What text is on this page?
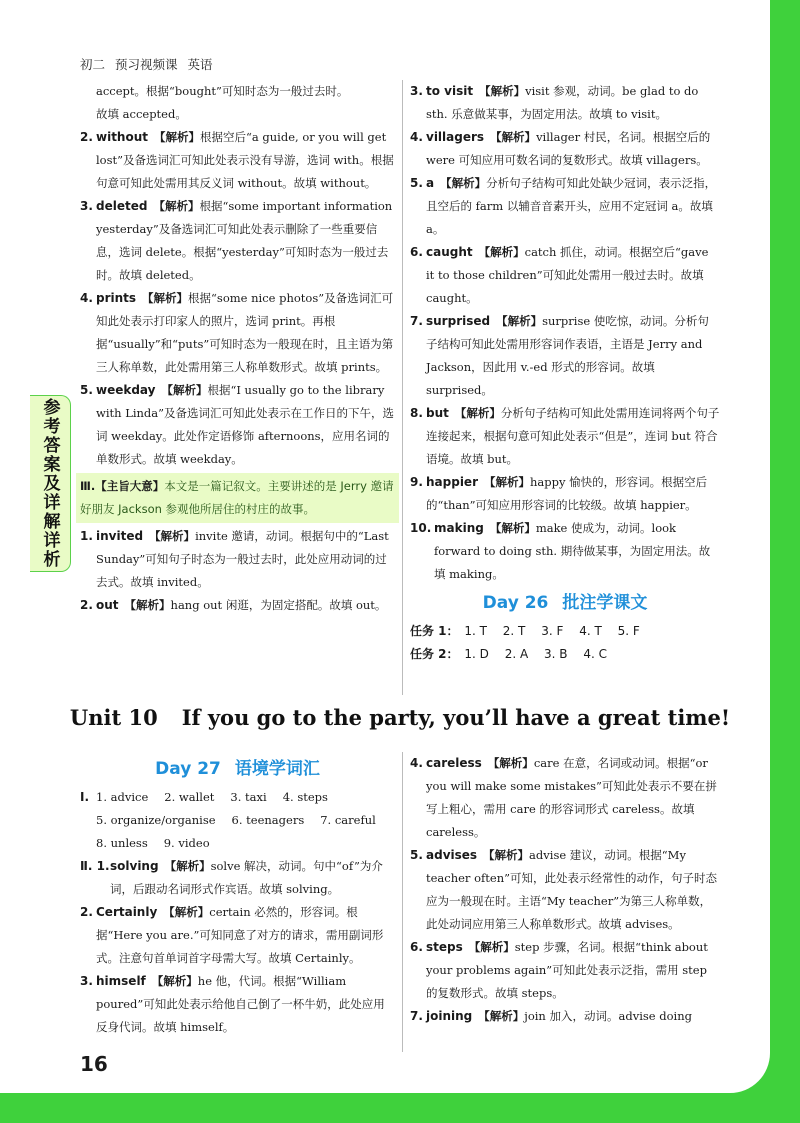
初二 预习视频课 英语
参考答案及详解详析
accept。根据“bought”可知时态为一般过去时。
故填 accepted。
2. without 【解析】根据空后“a guide, or you will get lost”及备选词汇可知此处表示没有导游，选词 with。根据句意可知此处需用其反义词 without。故填 without。
3. deleted 【解析】根据“some important information yesterday”及备选词汇可知此处表示删除了一些重要信息，选词 delete。根据“yesterday”可知时态为一般过去时。故填 deleted。
4. prints 【解析】根据“some nice photos”及备选词汇可知此处表示打印家人的照片，选词 print。再根据“usually”和“puts”可知时态为一般现在时，且主语为第三人称单数，此处需用第三人称单数形式。故填 prints。
5. weekday 【解析】根据“I usually go to the library with Linda”及备选词汇可知此处表示在工作日的下午，选词 weekday。此处作定语修饰 afternoons，应用名词的单数形式。故填 weekday。
Ⅲ.【主旨大意】本文是一篇记叙文。主要讲述的是 Jerry 邀请好朋友 Jackson 参观他所居住的村庄的故事。
1. invited 【解析】invite 邀请，动词。根据句中的“Last Sunday”可知句子时态为一般过去时，此处应用动词的过去式。故填 invited。
2. out 【解析】hang out 闲逛，为固定搭配。故填 out。
3. to visit 【解析】visit 参观，动词。be glad to do sth. 乐意做某事，为固定用法。故填 to visit。
4. villagers 【解析】villager 村民，名词。根据空后的 were 可知应用可数名词的复数形式。故填 villagers。
5. a 【解析】分析句子结构可知此处缺少冠词，表示泛指，且空后的 farm 以辅音音素开头，应用不定冠词 a。故填 a。
6. caught 【解析】catch 抓住，动词。根据空后“gave it to those children”可知此处需用一般过去时。故填 caught。
7. surprised 【解析】surprise 使吃惊，动词。分析句子结构可知此处需用形容词作表语，主语是 Jerry and Jackson，因此用 v.-ed 形式的形容词。故填 surprised。
8. but 【解析】分析句子结构可知此处需用连词将两个句子连接起来，根据句意可知此处表示“但是”，连词 but 符合语境。故填 but。
9. happier 【解析】happy 愉快的，形容词。根据空后的“than”可知应用形容词的比较级。故填 happier。
10. making 【解析】make 使成为，动词。look forward to doing sth. 期待做某事，为固定用法。故填 making。
Day 26 批注学课文
任务 1： 1. T 2. T 3. F 4. T 5. F
任务 2： 1. D 2. A 3. B 4. C
Unit 10 If you go to the party, you’ll have a great time!
Day 27 语境学词汇
Ⅰ. 1. advice 2. wallet 3. taxi 4. steps
5. organize/organise 6. teenagers 7. careful
8. unless 9. video
Ⅱ. 1. solving 【解析】solve 解决，动词。句中“of”为介词，后跟动名词形式作宾语。故填 solving。
2. Certainly 【解析】certain 必然的，形容词。根据“Here you are.”可知同意了对方的请求，需用副词形式。注意句首单词首字母需大写。故填 Certainly。
3. himself 【解析】he 他，代词。根据“William poured”可知此处表示给他自己倒了一杯牛奶，此处应用反身代词。故填 himself。
4. careless 【解析】care 在意，名词或动词。根据“or you will make some mistakes”可知此处表示不要在拼写上粗心，需用 care 的形容词形式 careless。故填 careless。
5. advises 【解析】advise 建议，动词。根据“My teacher often”可知，此处表示经常性的动作，句子时态应为一般现在时。主语“My teacher”为第三人称单数，此处动词应用第三人称单数形式。故填 advises。
6. steps 【解析】step 步骤，名词。根据“think about your problems again”可知此处表示泛指，需用 step 的复数形式。故填 steps。
7. joining 【解析】join 加入，动词。advise doing
16
